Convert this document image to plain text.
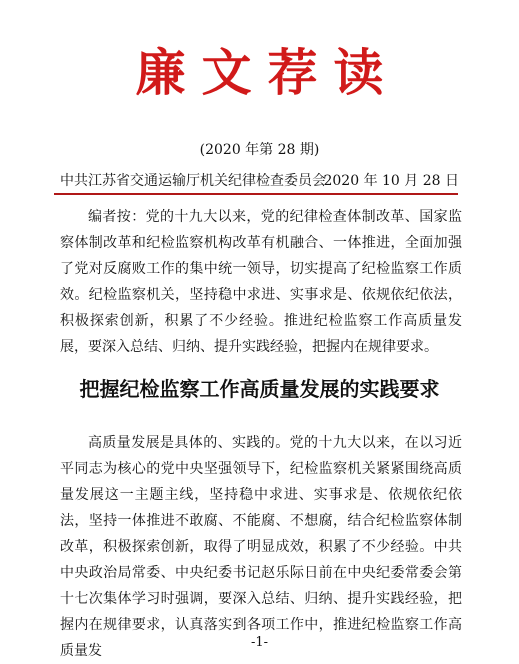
廉文荐读
(2020 年第 28 期)
中共江苏省交通运输厅机关纪律检查委员会
2020 年 10 月 28 日

编者按：党的十九大以来，党的纪律检查体制改革、国家监察体制改革和纪检监察机构改革有机融合、一体推进，全面加强了党对反腐败工作的集中统一领导，切实提高了纪检监察工作质效。纪检监察机关，坚持稳中求进、实事求是、依规依纪依法，积极探索创新，积累了不少经验。推进纪检监察工作高质量发展，要深入总结、归纳、提升实践经验，把握内在规律要求。

把握纪检监察工作高质量发展的实践要求

高质量发展是具体的、实践的。党的十九大以来，在以习近平同志为核心的党中央坚强领导下，纪检监察机关紧紧围绕高质量发展这一主题主线，坚持稳中求进、实事求是、依规依纪依法，坚持一体推进不敢腐、不能腐、不想腐，结合纪检监察体制改革，积极探索创新，取得了明显成效，积累了不少经验。中共中央政治局常委、中央纪委书记赵乐际日前在中央纪委常委会第十七次集体学习时强调，要深入总结、归纳、提升实践经验，把握内在规律要求，认真落实到各项工作中，推进纪检监察工作高质量发

-1-
